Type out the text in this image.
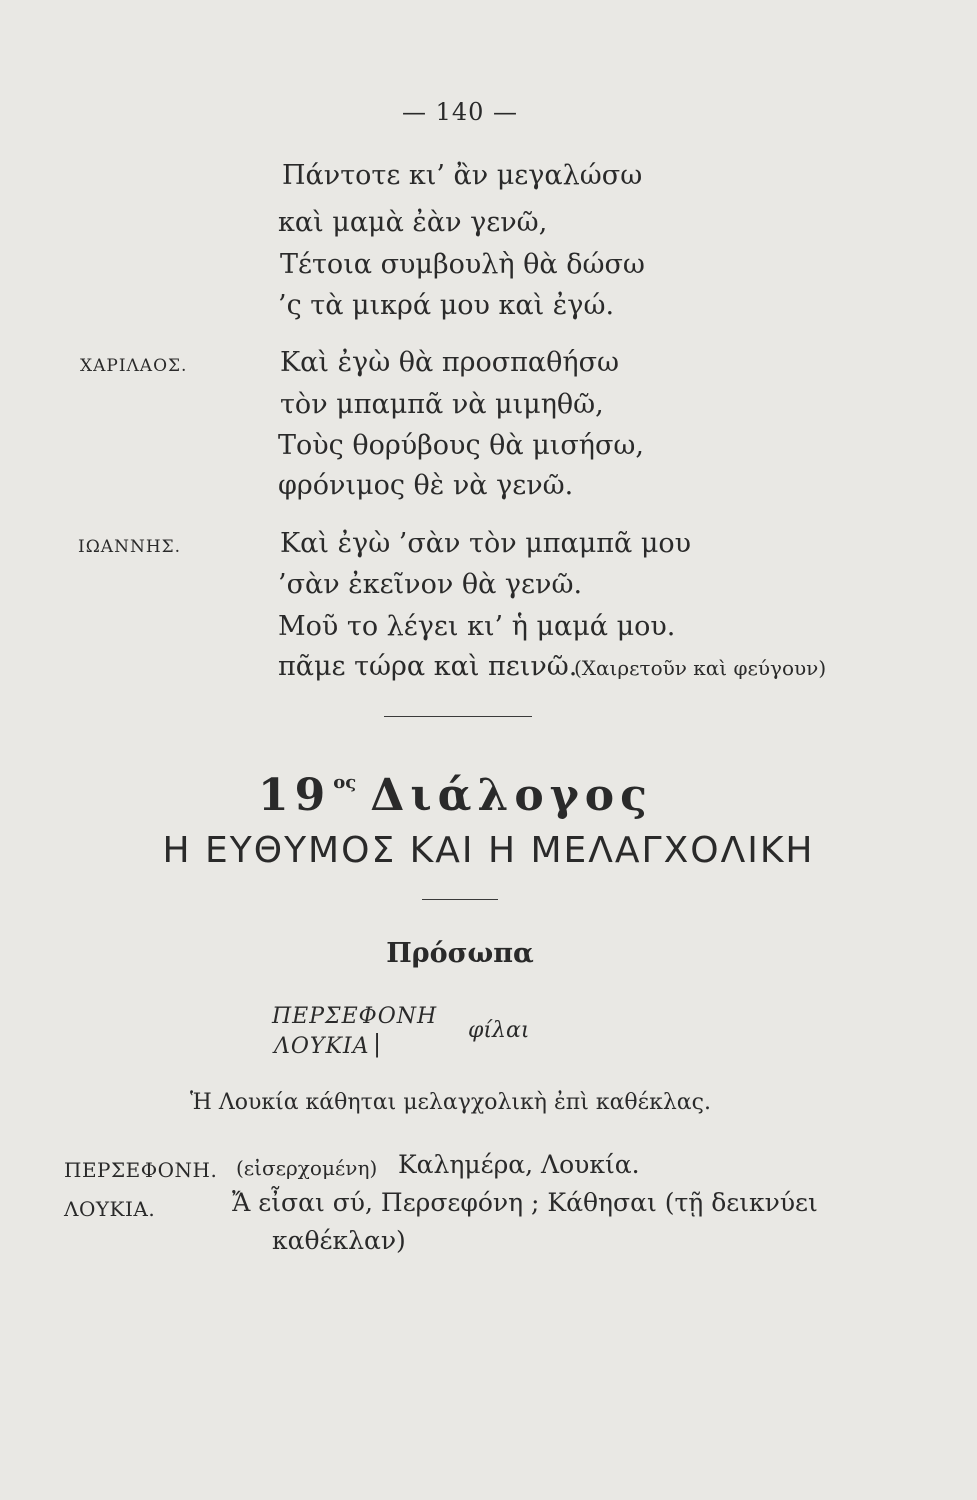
— 140 —
Πάντοτε κι’ ἂν μεγαλώσω
καὶ μαμὰ ἐὰν γενῶ,
Τέτοια συμβουλὴ θὰ δώσω
’ς τὰ μικρά μου καὶ ἐγώ.
ΧΑΡΙΛΑΟΣ.	Καὶ ἐγὼ θὰ προσπαθήσω
τὸν μπαμπᾶ νὰ μιμηθῶ,
Τοὺς θορύβους θὰ μισήσω,
φρόνιμος θὲ νὰ γενῶ.
ΙΩΑΝΝΗΣ.	Καὶ ἐγὼ ’σὰν τὸν μπαμπᾶ μου
’σὰν ἐκεῖνον θὰ γενῶ.
Μοῦ το λέγει κι’ ἡ μαμά μου.
πᾶμε τώρα καὶ πεινῶ.
(Χαιρετοῦν καὶ φεύγουν)
19 $^{o\varsigma}$ Διάλογος
Η ΕΥΘΥΜΟΣ ΚΑΙ Η ΜΕΛΑΓΧΟΛΙΚΗ
Πρόσωπα
ΠΕΡΣΕΦΟΝΗ
ΛΟΥΚΙΑ |	φίλαι
Ἡ Λουκία κάθηται μελαγχολικὴ ἐπὶ καθέκλας.
ΠΕΡΣΕΦΟΝΗ. (εἰσερχομένη) Καλημέρα, Λουκία.
ΛΟΥΚΙΑ.	Ἄ εἶσαι σύ, Περσεφόνη ; Κάθησαι (τῇ δεικνύει
καθέκλαν)
